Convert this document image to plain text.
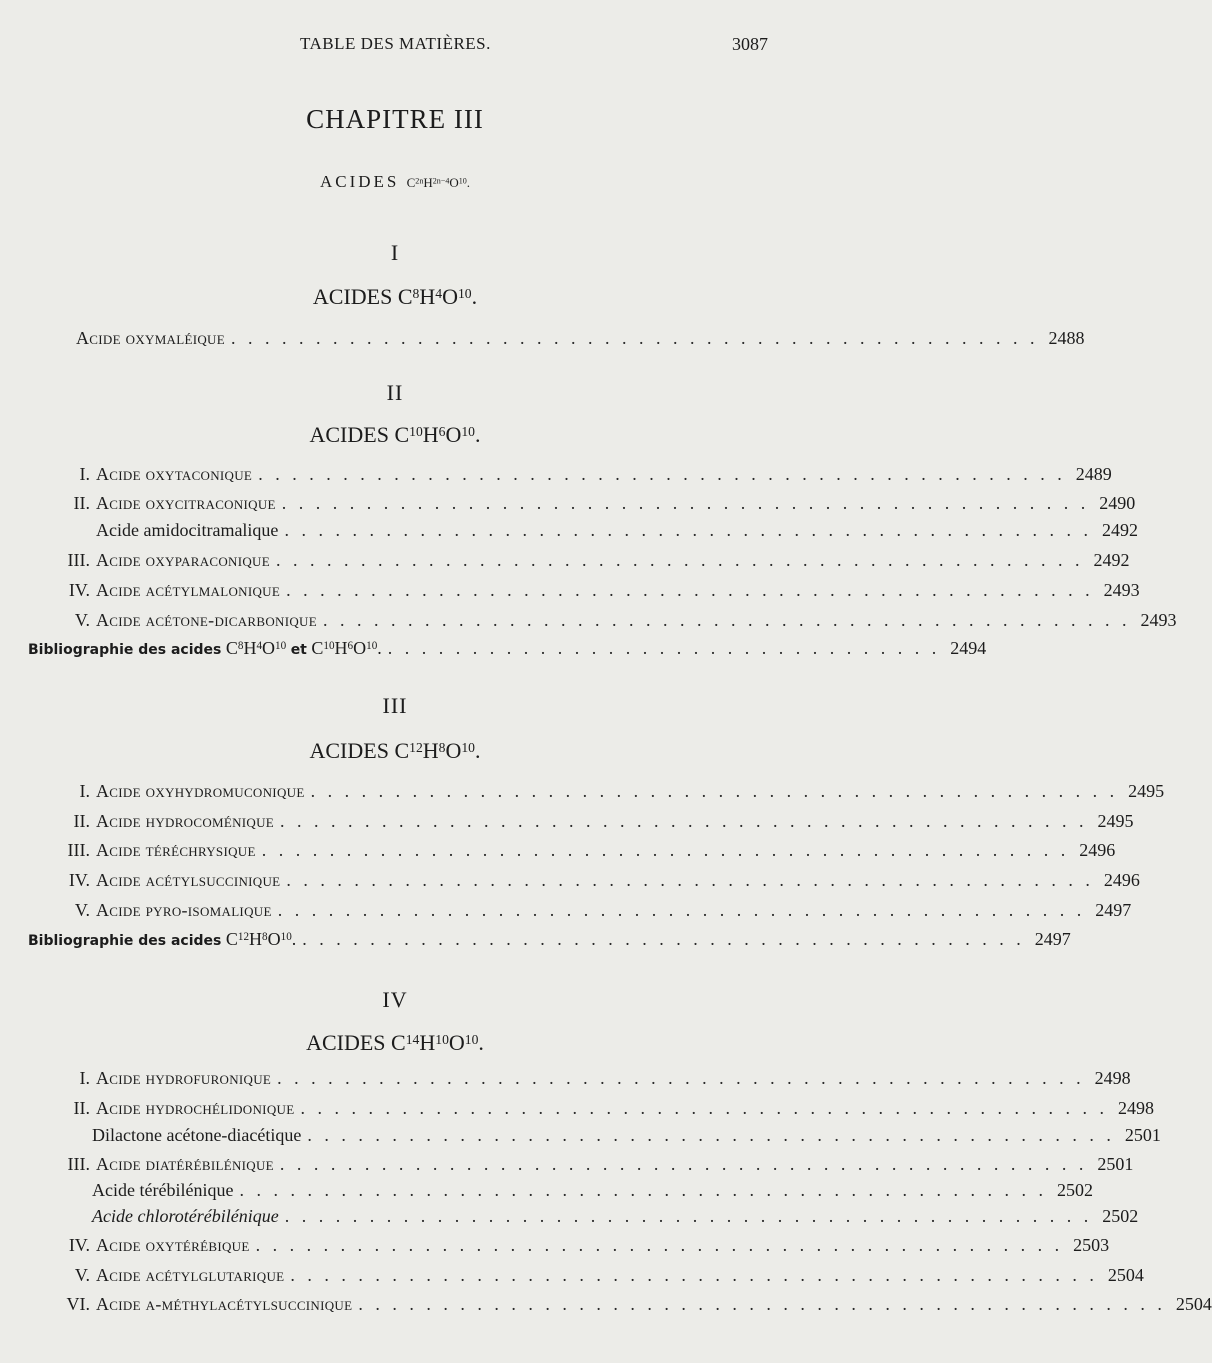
TABLE DES MATIÈRES.	3087
CHAPITRE III
ACIDES $C^{2n}H^{2n-4}O^{10}$.
I
ACIDES $C^8H^4O^{10}$.
Acide oxymaléique . . . . . . . . . . . . . . . . . . . . . . . . . . . . . . . . . . . . . . . . . . . . . . . . 2488
II
ACIDES $C^{10}H^6O^{10}$.
I. Acide oxytaconique . . . . . . . . . . . . . . . . . . . . . . . . . . . . . . . . . . . . . . . . . . . . . . . . 2489
II. Acide oxycitraconique . . . . . . . . . . . . . . . . . . . . . . . . . . . . . . . . . . . . . . . . . . . . . . . . 2490
Acide amidocitramalique . . . . . . . . . . . . . . . . . . . . . . . . . . . . . . . . . . . . . . . . . . . . . . . . 2492
III. Acide oxyparaconique . . . . . . . . . . . . . . . . . . . . . . . . . . . . . . . . . . . . . . . . . . . . . . . . 2492
IV. Acide acétylmalonique . . . . . . . . . . . . . . . . . . . . . . . . . . . . . . . . . . . . . . . . . . . . . . . . 2493
V. Acide acétone-dicarbonique . . . . . . . . . . . . . . . . . . . . . . . . . . . . . . . . . . . . . . . . . . . . . . . . 2493
Bibliographie des acides $C^8H^4O^{10}$ et $C^{10}H^6O^{10}$. . . . . . . . . . . . . . . . . . . . . . . . . . . . . . . . . . 2494
III
ACIDES $C^{12}H^8O^{10}$.
I. Acide oxyhydromuconique . . . . . . . . . . . . . . . . . . . . . . . . . . . . . . . . . . . . . . . . . . . . . . . . 2495
II. Acide hydrocoménique . . . . . . . . . . . . . . . . . . . . . . . . . . . . . . . . . . . . . . . . . . . . . . . . 2495
III. Acide téréchrysique . . . . . . . . . . . . . . . . . . . . . . . . . . . . . . . . . . . . . . . . . . . . . . . . 2496
IV. Acide acétylsuccinique . . . . . . . . . . . . . . . . . . . . . . . . . . . . . . . . . . . . . . . . . . . . . . . . 2496
V. Acide pyro-isomalique . . . . . . . . . . . . . . . . . . . . . . . . . . . . . . . . . . . . . . . . . . . . . . . . 2497
Bibliographie des acides $C^{12}H^8O^{10}$. . . . . . . . . . . . . . . . . . . . . . . . . . . . . . . . . . . . . . . . . . . . 2497
IV
ACIDES $C^{14}H^{10}O^{10}$.
I. Acide hydrofuronique . . . . . . . . . . . . . . . . . . . . . . . . . . . . . . . . . . . . . . . . . . . . . . . . 2498
II. Acide hydrochélidonique . . . . . . . . . . . . . . . . . . . . . . . . . . . . . . . . . . . . . . . . . . . . . . . . 2498
Dilactone acétone-diacétique . . . . . . . . . . . . . . . . . . . . . . . . . . . . . . . . . . . . . . . . . . . . . . . . 2501
III. Acide diatérébilénique . . . . . . . . . . . . . . . . . . . . . . . . . . . . . . . . . . . . . . . . . . . . . . . . 2501
Acide térébilénique . . . . . . . . . . . . . . . . . . . . . . . . . . . . . . . . . . . . . . . . . . . . . . . . 2502
Acide chlorotérébilénique . . . . . . . . . . . . . . . . . . . . . . . . . . . . . . . . . . . . . . . . . . . . . . . . 2502
IV. Acide oxytérébique . . . . . . . . . . . . . . . . . . . . . . . . . . . . . . . . . . . . . . . . . . . . . . . . 2503
V. Acide acétylglutarique . . . . . . . . . . . . . . . . . . . . . . . . . . . . . . . . . . . . . . . . . . . . . . . . 2504
VI. Acide α-méthylacétylsuccinique . . . . . . . . . . . . . . . . . . . . . . . . . . . . . . . . . . . . . . . . . . . . . . . . 2504
